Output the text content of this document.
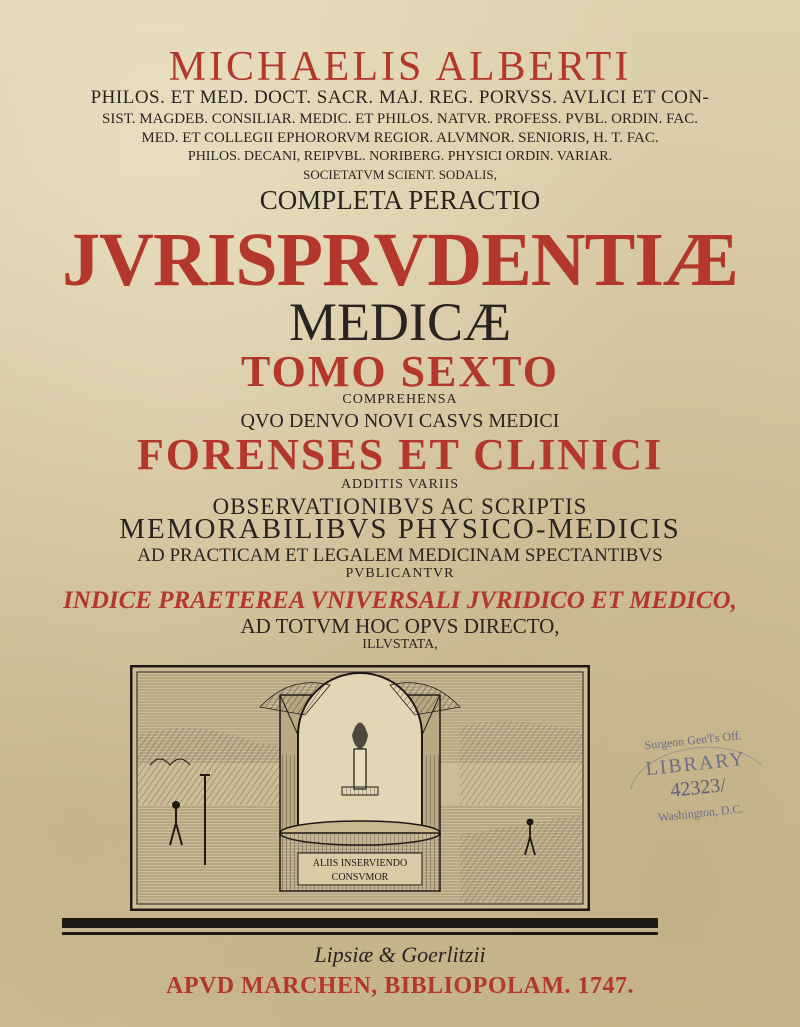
MICHAELIS ALBERTI
PHILOS. ET MED. DOCT. SACR. MAJ. REG. PORVSS. AVLICI ET CON-
SIST. MAGDEB. CONSILIAR. MEDIC. ET PHILOS. NATVR. PROFESS. PVBL. ORDIN. FAC.
MED. ET COLLEGII EPHORORVM REGIOR. ALVMNOR. SENIORIS, H. T. FAC.
PHILOS. DECANI, REIPVBL. NORIBERG. PHYSICI ORDIN. VARIAR.
SOCIETATVM SCIENT. SODALIS,
COMPLETA PERACTIO
JVRISPRVDENTIÆ
MEDICÆ
TOMO SEXTO
COMPREHENSA
QVO DENVO NOVI CASVS MEDICI
FORENSES ET CLINICI
ADDITIS VARIIS
OBSERVATIONIBVS AC SCRIPTIS
MEMORABILIBVS PHYSICO-MEDICIS
AD PRACTICAM ET LEGALEM MEDICINAM SPECTANTIBVS
PVBLICANTVR
INDICE PRAETEREA VNIVERSALI JVRIDICO ET MEDICO,
AD TOTVM HOC OPVS DIRECTO,
ILLVSTATA,
ALIIS INSERVIENDO
CONSVMOR
Lipsiæ & Goerlitzii
APVD MARCHEN, BIBLIOPOLAM. 1747.
Surgeon Gen'l's Off.
LIBRARY
42323/
Washington, D.C.
